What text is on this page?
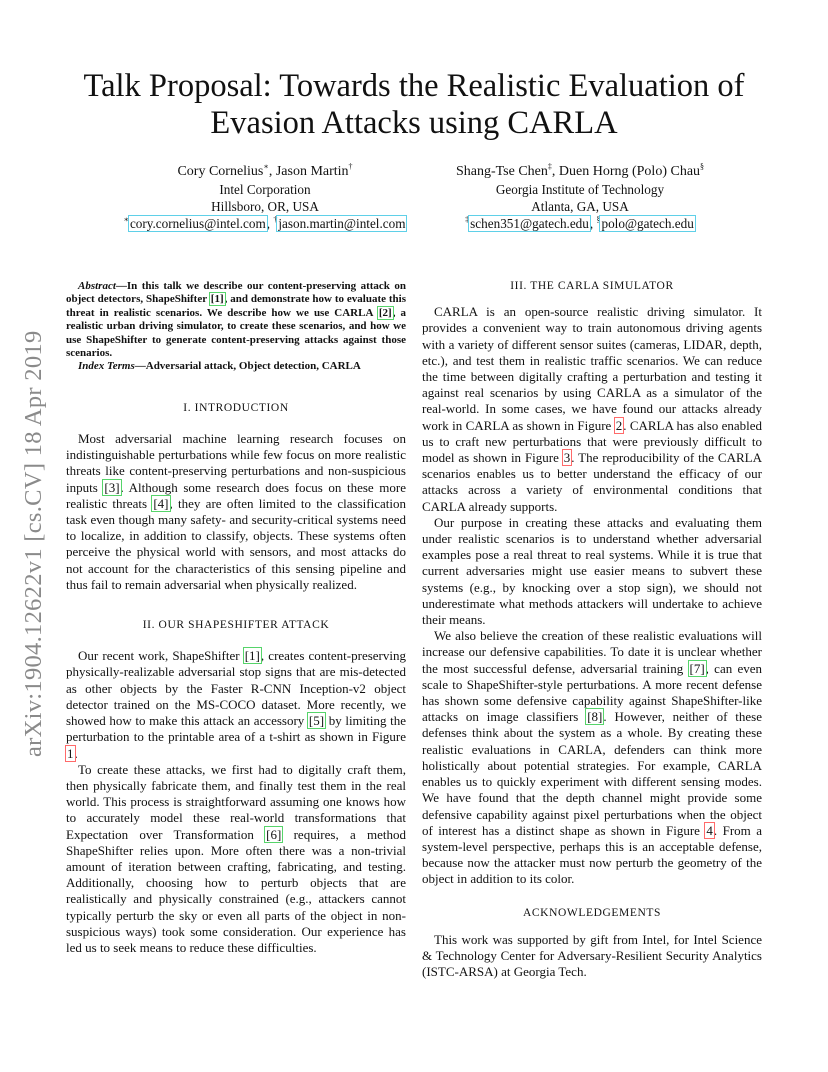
arXiv:1904.12622v1 [cs.CV] 18 Apr 2019
Talk Proposal: Towards the Realistic Evaluation of
Evasion Attacks using CARLA
Cory Cornelius∗, Jason Martin†
Intel Corporation
Hillsboro, OR, USA
∗cory.cornelius@intel.com, †jason.martin@intel.com
Shang-Tse Chen‡, Duen Horng (Polo) Chau§
Georgia Institute of Technology
Atlanta, GA, USA
‡schen351@gatech.edu, §polo@gatech.edu

Abstract—In this talk we describe our content-preserving attack on object detectors, ShapeShifter [1], and demonstrate how to evaluate this threat in realistic scenarios. We describe how we use CARLA [2], a realistic urban driving simulator, to create these scenarios, and how we use ShapeShifter to generate content-preserving attacks against those scenarios.

Index Terms—Adversarial attack, Object detection, CARLA

I. INTRODUCTION

Most adversarial machine learning research focuses on indistinguishable perturbations while few focus on more realistic threats like content-preserving perturbations and non-suspicious inputs [3]. Although some research does focus on these more realistic threats [4], they are often limited to the classification task even though many safety- and security-critical systems need to localize, in addition to classify, objects. These systems often perceive the physical world with sensors, and most attacks do not account for the characteristics of this sensing pipeline and thus fail to remain adversarial when physically realized.

II. OUR SHAPESHIFTER ATTACK

Our recent work, ShapeShifter [1], creates content-preserving physically-realizable adversarial stop signs that are mis-detected as other objects by the Faster R-CNN Inception-v2 object detector trained on the MS-COCO dataset. More recently, we showed how to make this attack an accessory [5] by limiting the perturbation to the printable area of a t-shirt as shown in Figure 1.

To create these attacks, we first had to digitally craft them, then physically fabricate them, and finally test them in the real world. This process is straightforward assuming one knows how to accurately model these real-world transformations that Expectation over Transformation [6] requires, a method ShapeShifter relies upon. More often there was a non-trivial amount of iteration between crafting, fabricating, and testing. Additionally, choosing how to perturb objects that are realistically and physically constrained (e.g., attackers cannot typically perturb the sky or even all parts of the object in non-suspicious ways) took some consideration. Our experience has led us to seek means to reduce these difficulties.

III. THE CARLA SIMULATOR

CARLA is an open-source realistic driving simulator. It provides a convenient way to train autonomous driving agents with a variety of different sensor suites (cameras, LIDAR, depth, etc.), and test them in realistic traffic scenarios. We can reduce the time between digitally crafting a perturbation and testing it against real scenarios by using CARLA as a simulator of the real-world. In some cases, we have found our attacks already work in CARLA as shown in Figure 2. CARLA has also enabled us to craft new perturbations that were previously difficult to model as shown in Figure 3. The reproducibility of the CARLA scenarios enables us to better understand the efficacy of our attacks across a variety of environmental conditions that CARLA already supports.

Our purpose in creating these attacks and evaluating them under realistic scenarios is to understand whether adversarial examples pose a real threat to real systems. While it is true that current adversaries might use easier means to subvert these systems (e.g., by knocking over a stop sign), we should not underestimate what methods attackers will undertake to achieve their means.

We also believe the creation of these realistic evaluations will increase our defensive capabilities. To date it is unclear whether the most successful defense, adversarial training [7], can even scale to ShapeShifter-style perturbations. A more recent defense has shown some defensive capability against ShapeShifter-like attacks on image classifiers [8]. However, neither of these defenses think about the system as a whole. By creating these realistic evaluations in CARLA, defenders can think more holistically about potential strategies. For example, CARLA enables us to quickly experiment with different sensing modes. We have found that the depth channel might provide some defensive capability against pixel perturbations when the object of interest has a distinct shape as shown in Figure 4. From a system-level perspective, perhaps this is an acceptable defense, because now the attacker must now perturb the geometry of the object in addition to its color.

ACKNOWLEDGEMENTS

This work was supported by gift from Intel, for Intel Science & Technology Center for Adversary-Resilient Security Analytics (ISTC-ARSA) at Georgia Tech.
